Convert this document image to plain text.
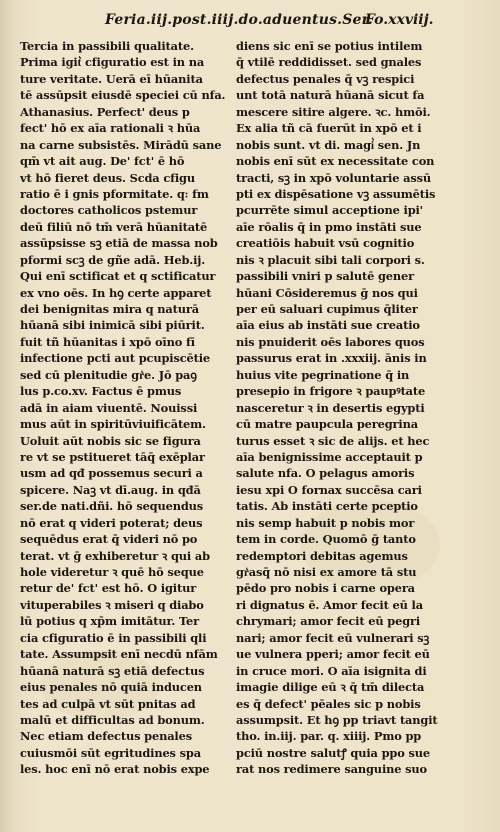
Feria.iij.post.iiij.do.aduentus.Ser.
Fo.xxviij.
Tercia in passibili qualitate.
Prima igit͛ cfiguratio est in na
ture veritate. Uerā eī hūanita
tē assūpsit eiusdē speciei cū nfa.
Athanasius. Perfect' deus p
fect' hō ex aīa rationali ꝛ hūa
na carne subsistēs. Mirādū sane
qm̄ vt ait aug. De' fct' ē hō
vt hō fieret deus. Scda cfigu
ratio ē i gnis pformitate. q꞉ fm
doctores catholicos pstemur
deū filiū nō tm̄ verā hūanitatē
assūpsisse sꝫ etiā de massa nob
pformi scꝫ de gñe adā. Heb.ij.
Qui enī sctificat et q sctificatur
ex vno oēs. In hꝯ certe apparet
dei benignitas mira q naturā
hūanā sibi inimicā sibi piūrit.
fuit tñ hūanitas i xpō oīno fī
infectione pcti aut pcupiscētie
sed cū plenitudie gr͛e. Jō paꝯ
lus p.co.xv. Factus ē pmus
adā in aiam viuentē. Nouissi
mus aūt in spiritūviuificātem.
Uoluit aūt nobis sic se figura
re vt se pstitueret tāq̄ exēplar
usm ad qđ possemus securi a
spicere. Naꝫ vt dī.aug. in qđā
ser.de nati.dñi. hō sequendus
nō erat q videri poterat; deus
sequēdus erat q̄ videri nō po
terat. vt ḡ exhiberetur ꝛ qui ab
hole videretur ꝛ quē hō seque
retur de' fct' est hō. O igitur
vituperabiles ꝛ miseri q diabo
lū potius q xp̄m imitātur. Ter
cia cfiguratio ē in passibili qli
tate. Assumpsit enī necdū nfām
hūanā naturā sꝫ etiā defectus
eius penales nō quiā inducen
tes ad culpā vt sūt pnitas ad
malū et difficultas ad bonum.
Nec etiam defectus penales
cuiusmōi sūt egritudines spa
les. hoc enī nō erat nobis expe
diens sic enī se potius intilem
q̄ vtilē reddidisset. sed gnales
defectus penales q̄ vꝫ respici
unt totā naturā hūanā sicut fa
mescere sitire algere. ꝛc. hmōi.
Ex alia tñ cā fuerūt in xpō et i
nobis sunt. vt di. magi͛ sen. Jn
nobis enī sūt ex necessitate con
tracti, sꝫ in xpō voluntarie assū
pti ex dispēsatione vꝫ assumētis
pcurrēte simul acceptione ipi'
aīe rōalis q̄ in pmo instāti sue
creatiōis habuit vsū cognitio
nis ꝛ placuit sibi tali corpori s.
passibili vniri p salutē gener
hūani Cōsideremus ḡ nos qui
per eū saluari cupimus q̄liter
aīa eius ab instāti sue creatio
nis pnuiderit oēs labores quos
passurus erat in .xxxiij. ānis in
huius vite pegrinatione q̄ in
presepio in frigore ꝛ paupꝰtate
nasceretur ꝛ in desertis egypti
cū matre paupcula peregrina
turus esset ꝛ sic de alijs. et hec
aīa benignissime acceptauit p
salute nfa. O pelagus amoris
iesu xpi O fornax succēsa cari
tatis. Ab instāti certe pceptio
nis semp habuit p nobis mor
tem in corde. Quomō ḡ tanto
redemptori debitas agemus
gr͛asq̄ nō nisi ex amore tā stu
pēdo pro nobis i carne opera
ri dignatus ē. Amor fecit eū la
chrymari; amor fecit eū pegri
nari; amor fecit eū vulnerari sꝫ
ue vulnera pperi; amor fecit eū
in cruce mori. O aīa isignita di
imagie dilige eū ꝛ q̄ tm̄ dilecta
es q̄ defect' pēales sic p nobis
assumpsit. Et hꝯ pp triavt tangit
tho. in.iij. par. q. xiiij. Pmo pp
pciū nostre salutꝭ quia ppo sue
rat nos redimere sanguine suo
